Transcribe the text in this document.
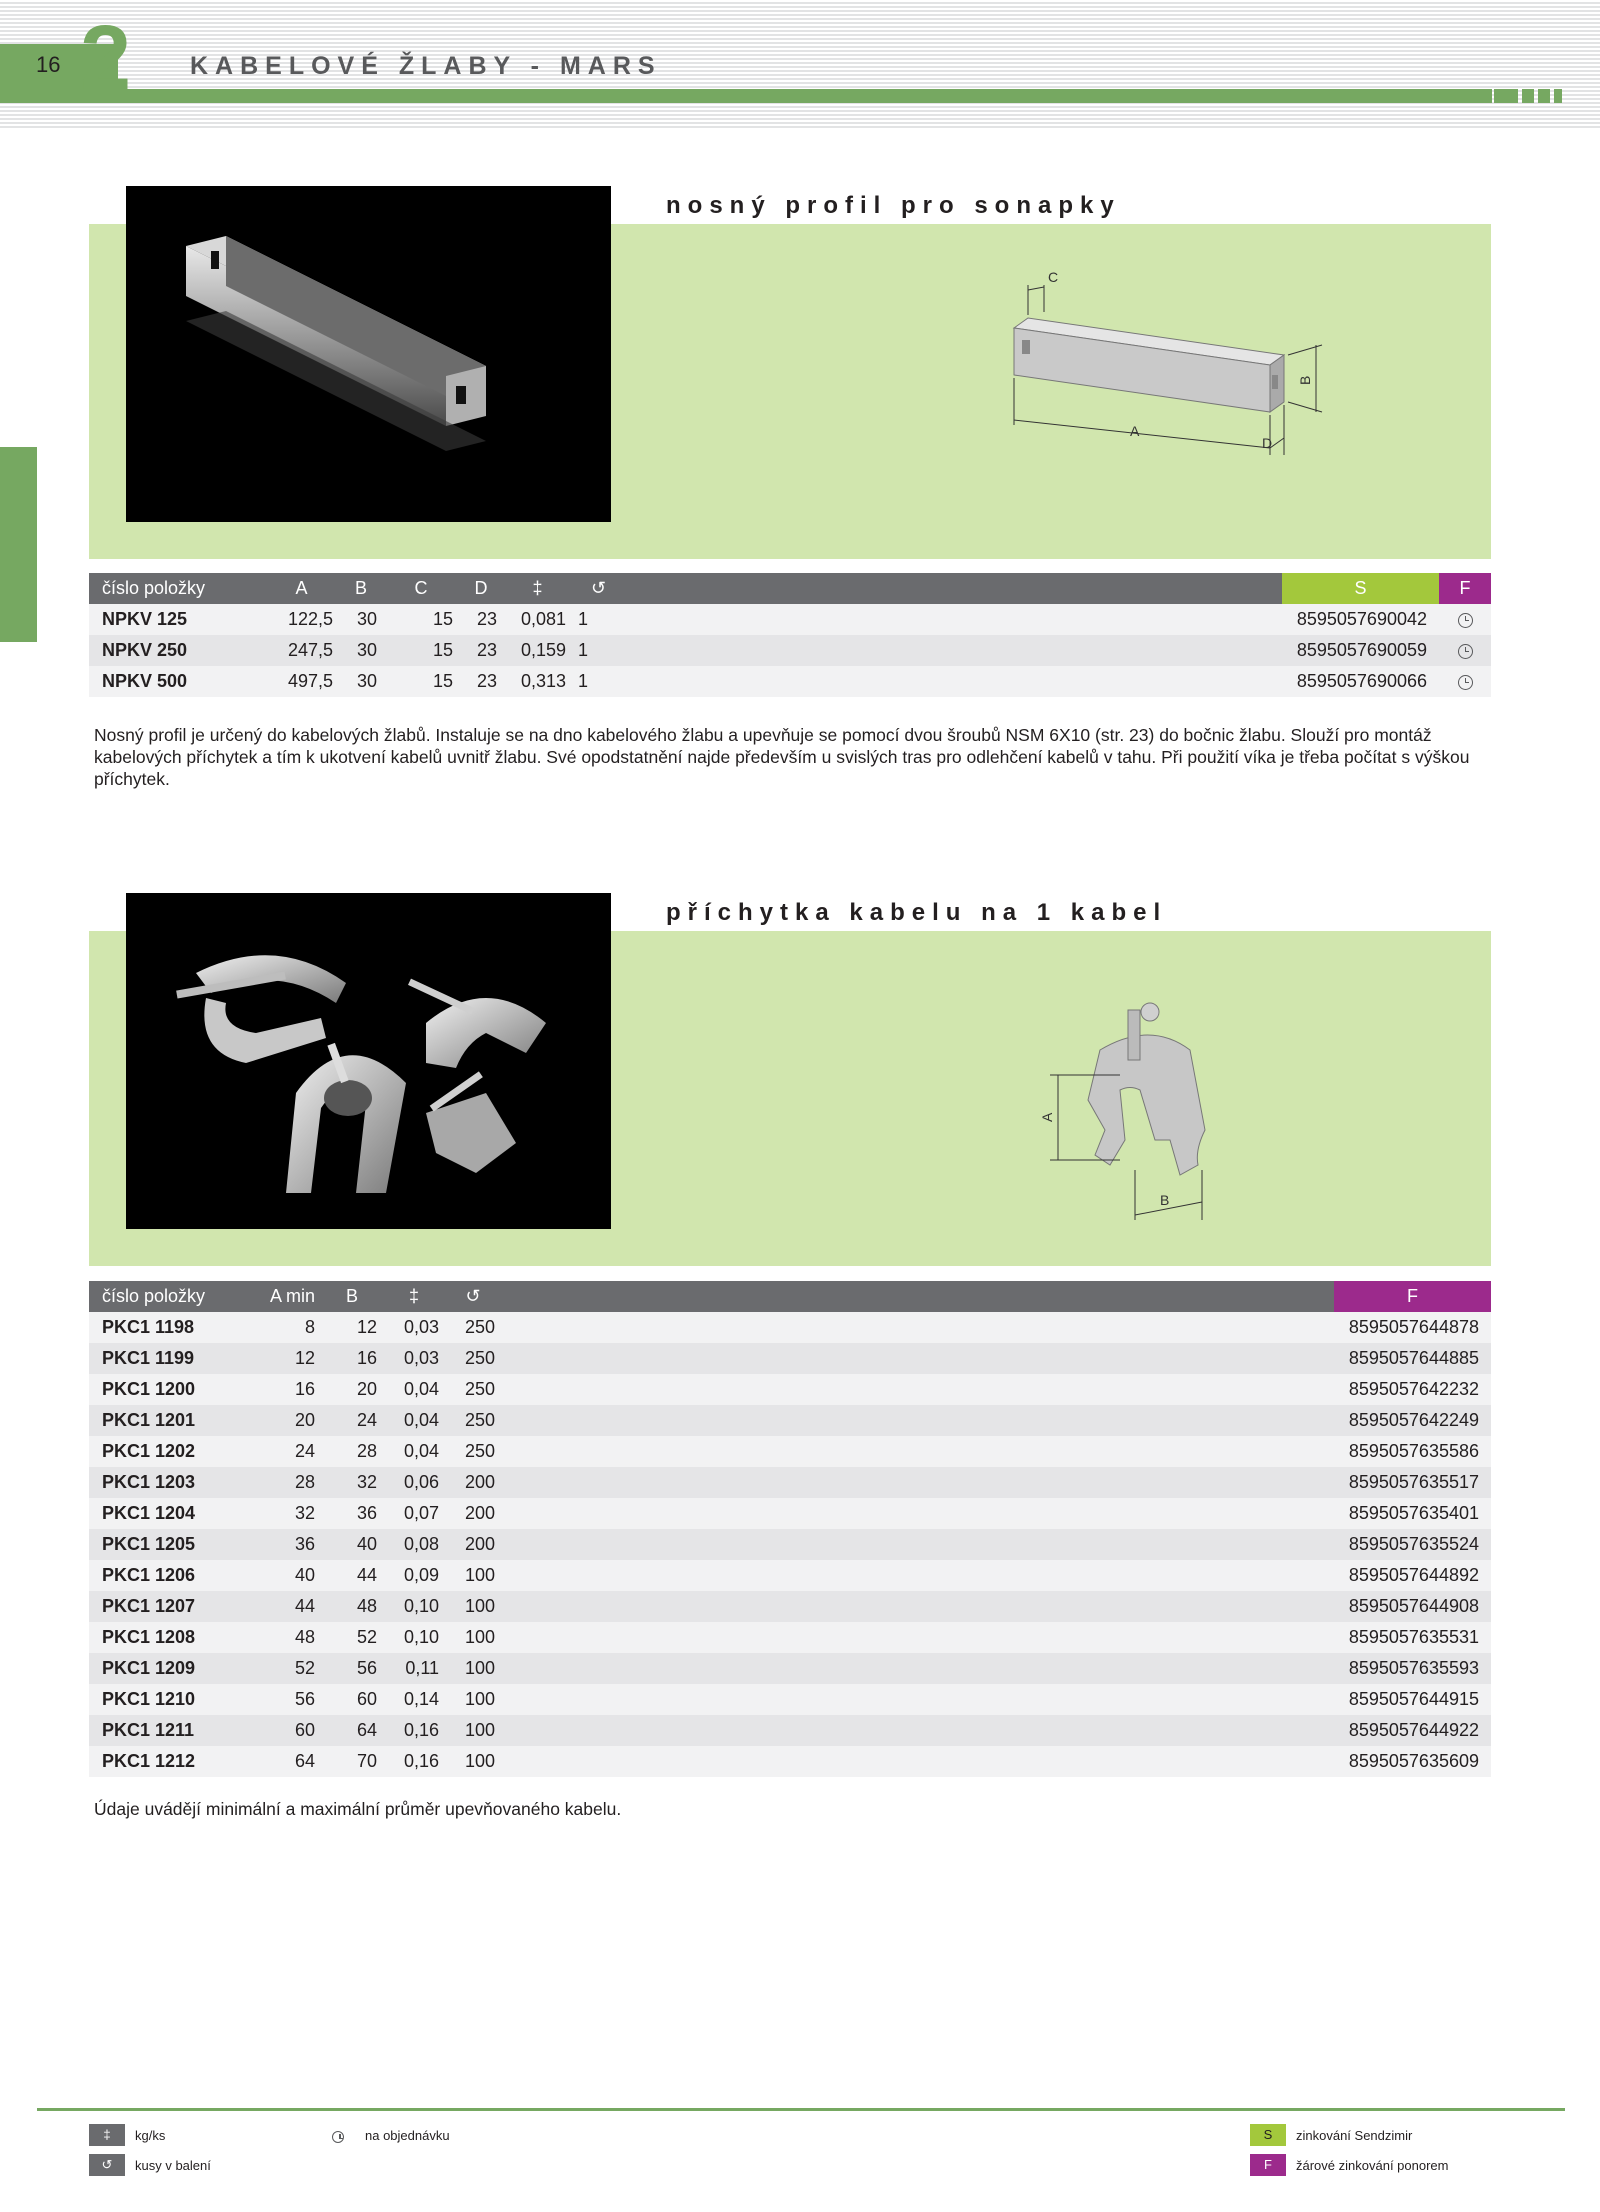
16 2 KABELOVÉ ŽLABY - MARS
nosný profil pro sonapky
C
B
A
D
číslo položky	A	B	C	D	‡	↺		S	F
NPKV 125	122,5	30	15	23	0,081	1		8595057690042	
NPKV 250	247,5	30	15	23	0,159	1		8595057690059	
NPKV 500	497,5	30	15	23	0,313	1		8595057690066	
Nosný profil je určený do kabelových žlabů. Instaluje se na dno kabelového žlabu a upevňuje se pomocí dvou šroubů NSM 6X10 (str. 23) do bočnic žlabu. Slouží pro montáž kabelových příchytek a tím k ukotvení kabelů uvnitř žlabu. Své opodstatnění najde především u svislých tras pro odlehčení kabelů v tahu. Při použití víka je třeba počítat s výškou příchytek.
příchytka kabelu na 1 kabel
A
B
číslo položky	A min	B	‡	↺		F
PKC1 1198	8	12	0,03	250		8595057644878
PKC1 1199	12	16	0,03	250		8595057644885
PKC1 1200	16	20	0,04	250		8595057642232
PKC1 1201	20	24	0,04	250		8595057642249
PKC1 1202	24	28	0,04	250		8595057635586
PKC1 1203	28	32	0,06	200		8595057635517
PKC1 1204	32	36	0,07	200		8595057635401
PKC1 1205	36	40	0,08	200		8595057635524
PKC1 1206	40	44	0,09	100		8595057644892
PKC1 1207	44	48	0,10	100		8595057644908
PKC1 1208	48	52	0,10	100		8595057635531
PKC1 1209	52	56	0,11	100		8595057635593
PKC1 1210	56	60	0,14	100		8595057644915
PKC1 1211	60	64	0,16	100		8595057644922
PKC1 1212	64	70	0,16	100		8595057635609
Údaje uvádějí minimální a maximální průměr upevňovaného kabelu.
‡	kg/ks
↺	kusy v balení
na objednávku	S	zinkování Sendzimir
F	žárové zinkování ponorem
